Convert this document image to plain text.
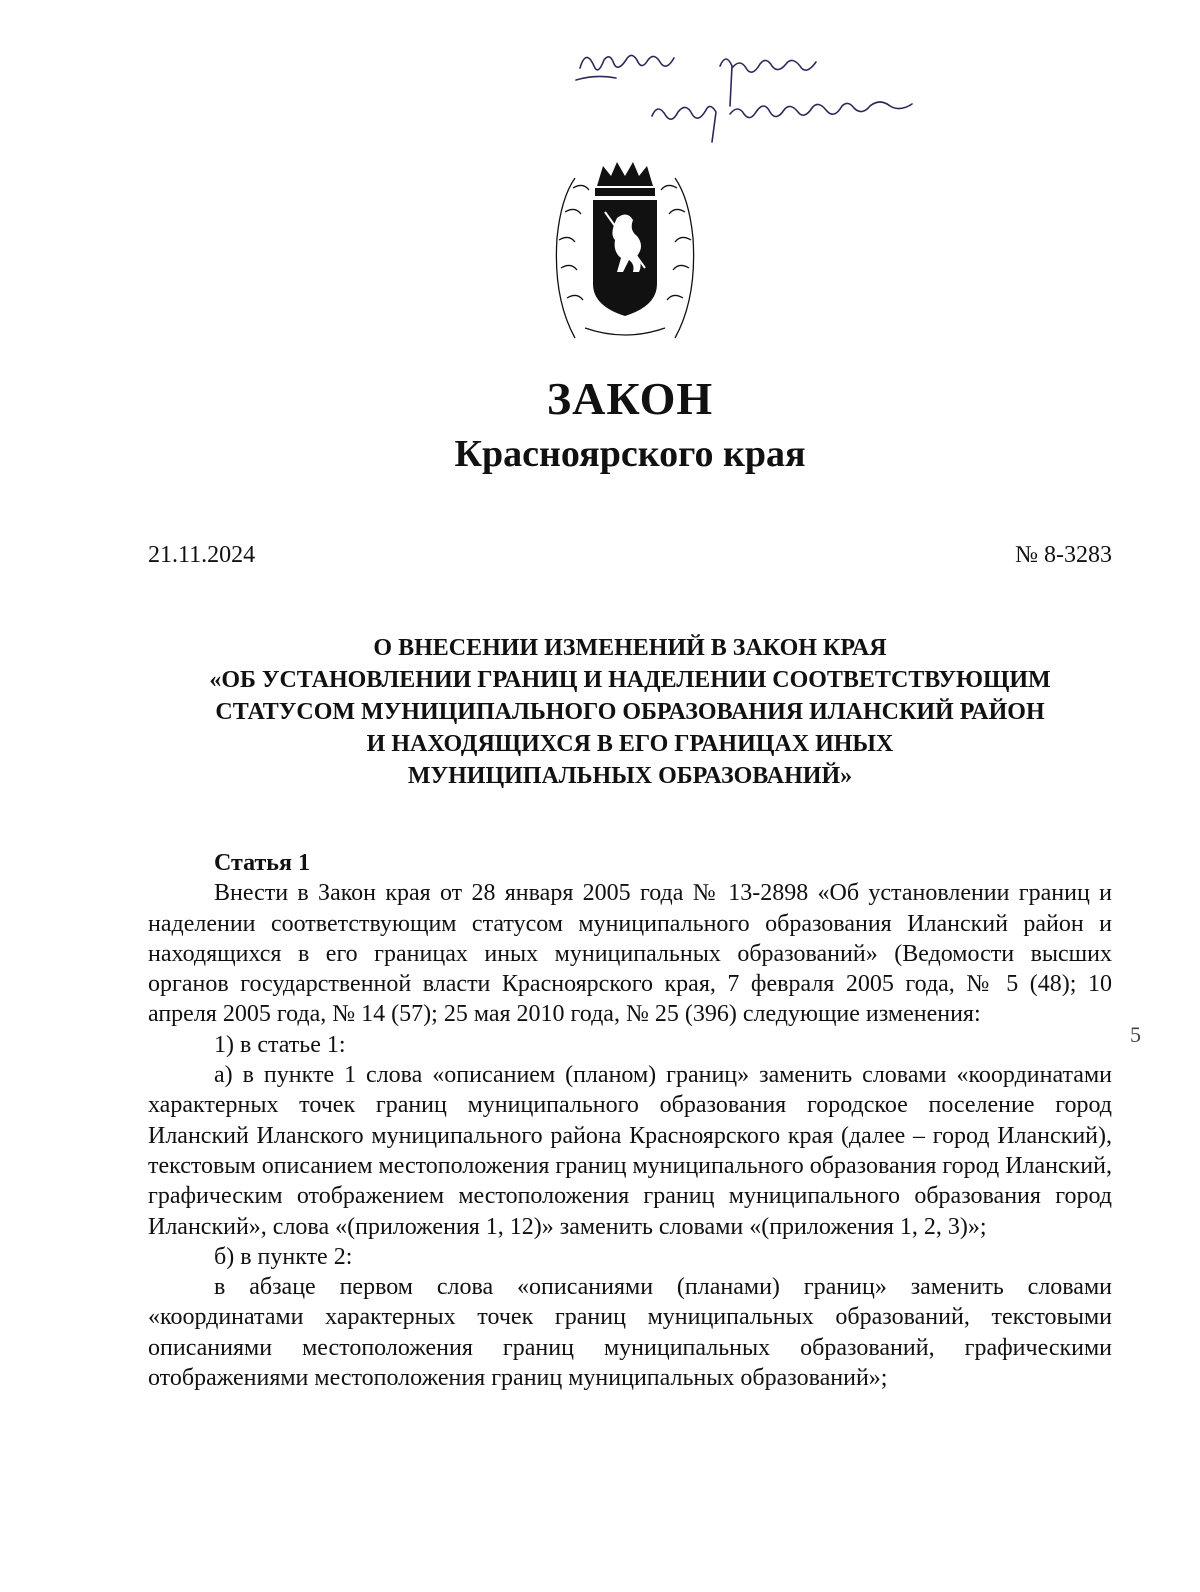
ЗАКОН
Красноярского края
21.11.2024	№ 8-3283
О ВНЕСЕНИИ ИЗМЕНЕНИЙ В ЗАКОН КРАЯ
«ОБ УСТАНОВЛЕНИИ ГРАНИЦ И НАДЕЛЕНИИ СООТВЕТСТВУЮЩИМ
СТАТУСОМ МУНИЦИПАЛЬНОГО ОБРАЗОВАНИЯ ИЛАНСКИЙ РАЙОН
И НАХОДЯЩИХСЯ В ЕГО ГРАНИЦАХ ИНЫХ
МУНИЦИПАЛЬНЫХ ОБРАЗОВАНИЙ»
Статья 1

Внести в Закон края от 28 января 2005 года № 13-2898 «Об установлении границ и наделении соответствующим статусом муниципального образования Иланский район и находящихся в его границах иных муниципальных образований» (Ведомости высших органов государственной власти Красноярского края, 7 февраля 2005 года, № 5 (48); 10 апреля 2005 года, № 14 (57); 25 мая 2010 года, № 25 (396) следующие изменения:

1) в статье 1:

а) в пункте 1 слова «описанием (планом) границ» заменить словами «координатами характерных точек границ муниципального образования городское поселение город Иланский Иланского муниципального района Красноярского края (далее – город Иланский), текстовым описанием местоположения границ муниципального образования город Иланский, графическим отображением местоположения границ муниципального образования город Иланский», слова «(приложения 1, 12)» заменить словами «(приложения 1, 2, 3)»;

б) в пункте 2:

в абзаце первом слова «описаниями (планами) границ» заменить словами «координатами характерных точек границ муниципальных образований, текстовыми описаниями местоположения границ муниципальных образований, графическими отображениями местоположения границ муниципальных образований»;

5
